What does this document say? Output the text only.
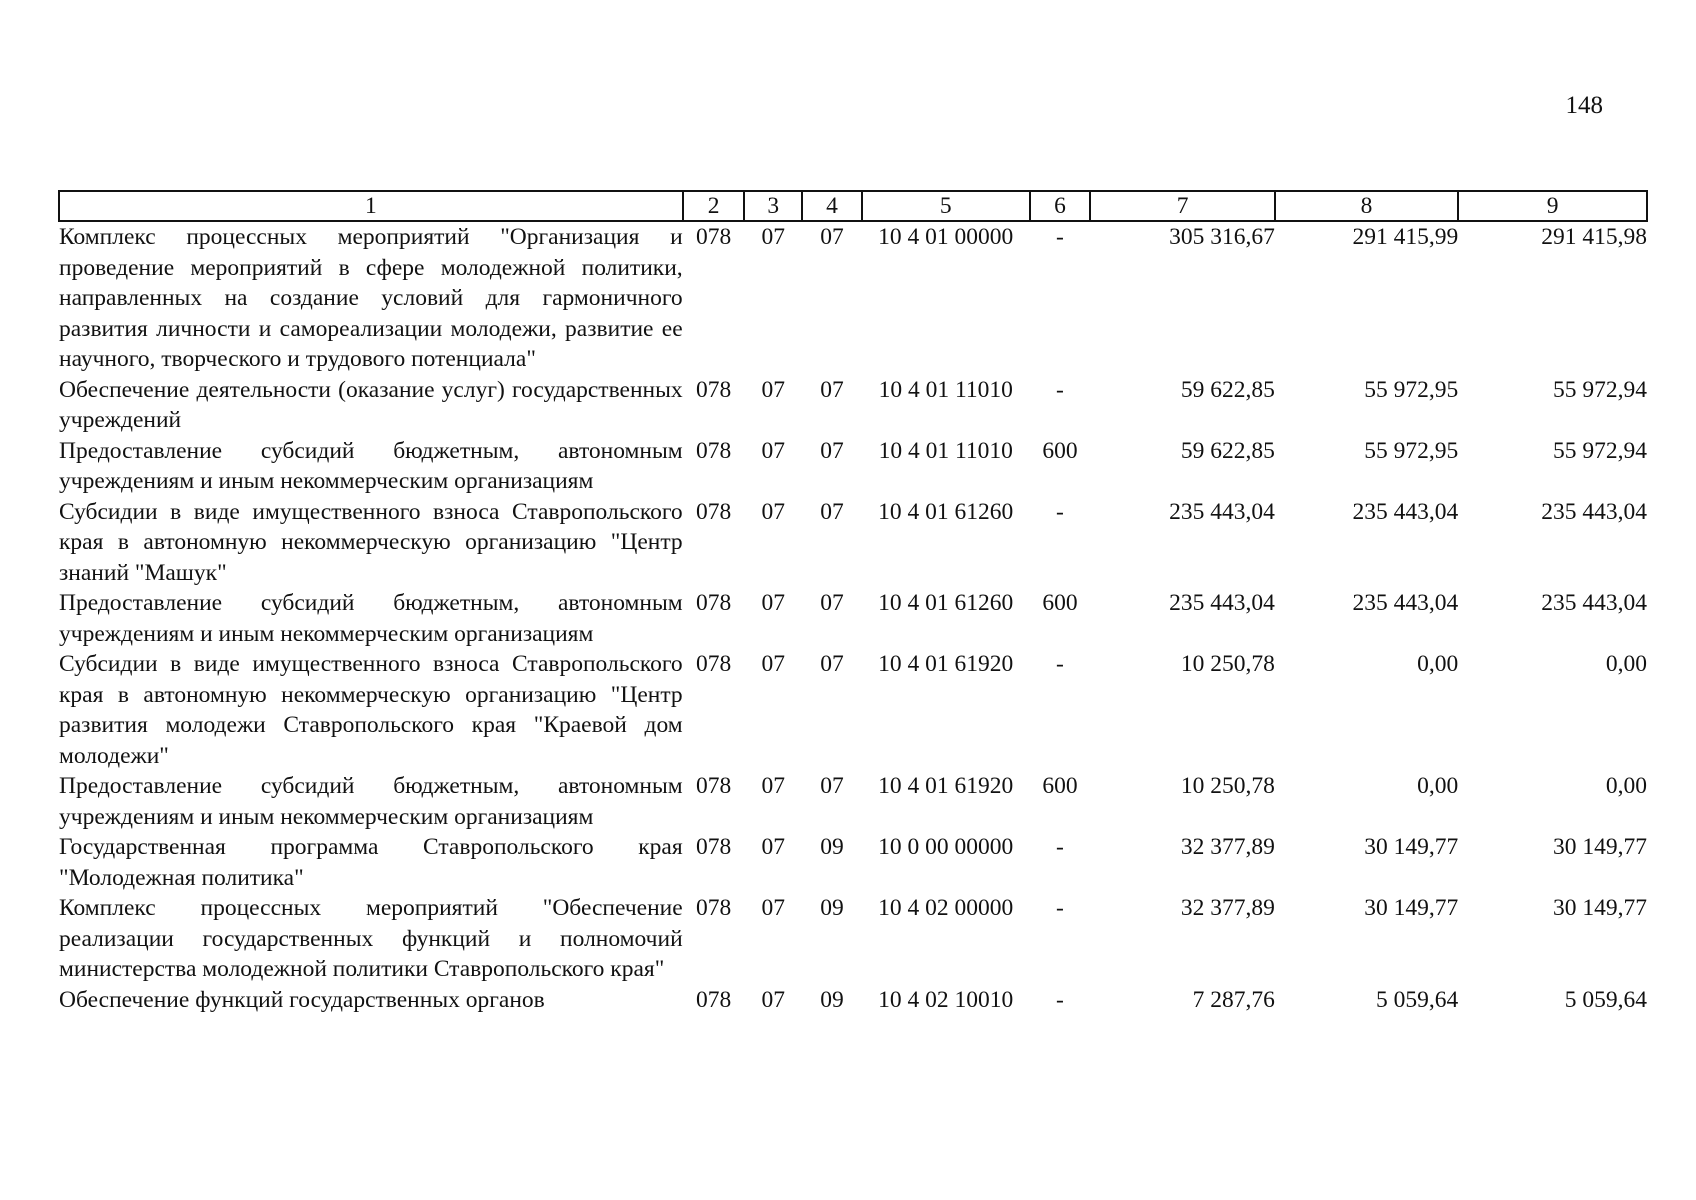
148
1	2	3	4	5	6	7	8	9
Комплекс процессных мероприятий "Организация и проведение мероприятий в сфере молодежной политики, направленных на создание условий для гармоничного развития личности и самореализации молодежи, развитие ее научного, творческого и трудового потенциала"	078	07	07	10 4 01 00000	-	305 316,67	291 415,99	291 415,98
Обеспечение деятельности (оказание услуг) государственных учреждений	078	07	07	10 4 01 11010	-	59 622,85	55 972,95	55 972,94
Предоставление субсидий бюджетным, автономным учреждениям и иным некоммерческим организациям	078	07	07	10 4 01 11010	600	59 622,85	55 972,95	55 972,94
Субсидии в виде имущественного взноса Ставропольского края в автономную некоммерческую организацию "Центр знаний "Машук"	078	07	07	10 4 01 61260	-	235 443,04	235 443,04	235 443,04
Предоставление субсидий бюджетным, автономным учреждениям и иным некоммерческим организациям	078	07	07	10 4 01 61260	600	235 443,04	235 443,04	235 443,04
Субсидии в виде имущественного взноса Ставропольского края в автономную некоммерческую организацию "Центр развития молодежи Ставропольского края "Краевой дом молодежи"	078	07	07	10 4 01 61920	-	10 250,78	0,00	0,00
Предоставление субсидий бюджетным, автономным учреждениям и иным некоммерческим организациям	078	07	07	10 4 01 61920	600	10 250,78	0,00	0,00
Государственная программа Ставропольского края "Молодежная политика"	078	07	09	10 0 00 00000	-	32 377,89	30 149,77	30 149,77
Комплекс процессных мероприятий "Обеспечение реализации государственных функций и полномочий министерства молодежной политики Ставропольского края"	078	07	09	10 4 02 00000	-	32 377,89	30 149,77	30 149,77
Обеспечение функций государственных органов	078	07	09	10 4 02 10010	-	7 287,76	5 059,64	5 059,64
